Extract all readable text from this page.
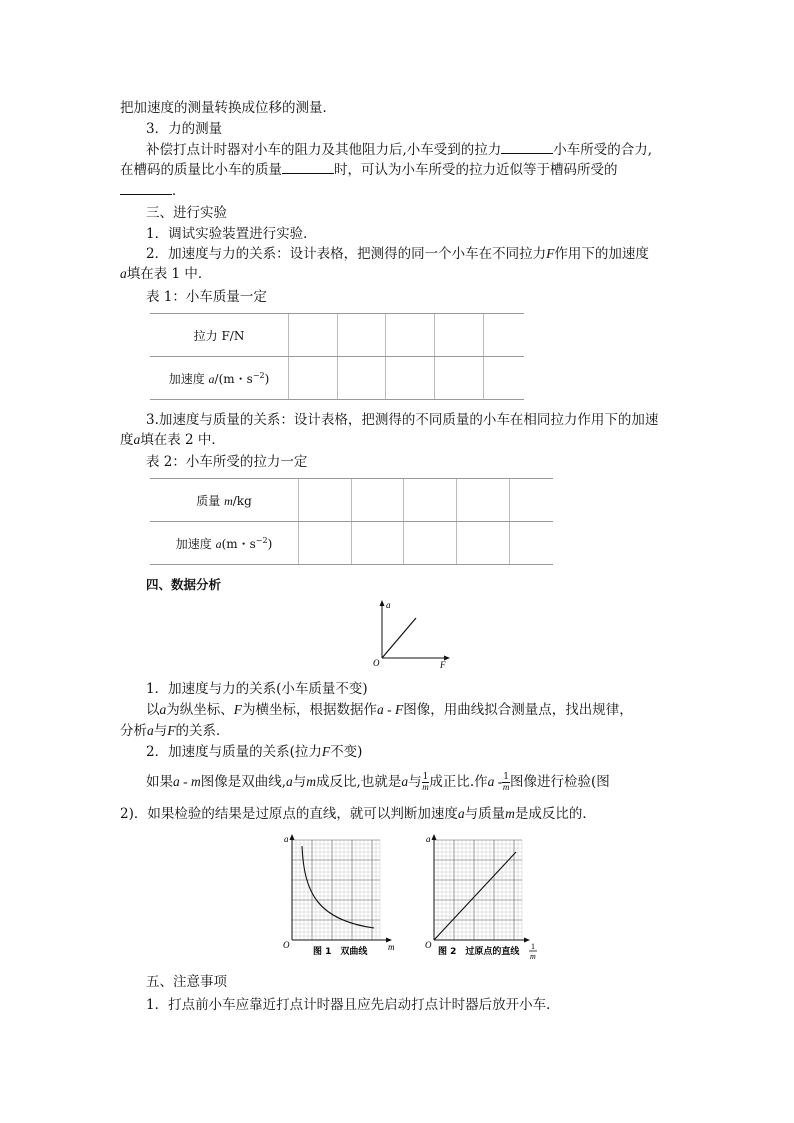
把加速度的测量转换成位移的测量．
3．力的测量
补偿打点计时器对小车的阻力及其他阻力后,小车受到的拉力	小车所受的合力,
在槽码的质量比小车的质量	时，可认为小车所受的拉力近似等于槽码所受的
．
三、进行实验
1．调试实验装置进行实验．
2．加速度与力的关系：设计表格，把测得的同一个小车在不同拉力F作用下的加速度
a填在表 1 中．
表 1：小车质量一定
拉力 F/N					
加速度 a/(m・$s^{-2}$)					
3.加速度与质量的关系：设计表格，把测得的不同质量的小车在相同拉力作用下的加速
度a填在表 2 中．
表 2：小车所受的拉力一定
质量 m/kg					
加速度 a(m・$s^{-2}$)					
四、数据分析
a
O	F
1．加速度与力的关系(小车质量不变)
以a为纵坐标、F为横坐标，根据数据作a - F图像，用曲线拟合测量点，找出规律，
分析a与F的关系．
2．加速度与质量的关系(拉力F不变)
如果a - m图像是双曲线,a与m成反比,也就是a与 $\frac{1}{m}$ 成正比.作a - $\frac{1}{m}$ 图像进行检验(图
2)．如果检验的结果是过原点的直线，就可以判断加速度a与质量m是成反比的．
a
O	m
图 1　双曲线
a
O
图 2　过原点的直线
1
m
五、注意事项
1．打点前小车应靠近打点计时器且应先启动打点计时器后放开小车．
